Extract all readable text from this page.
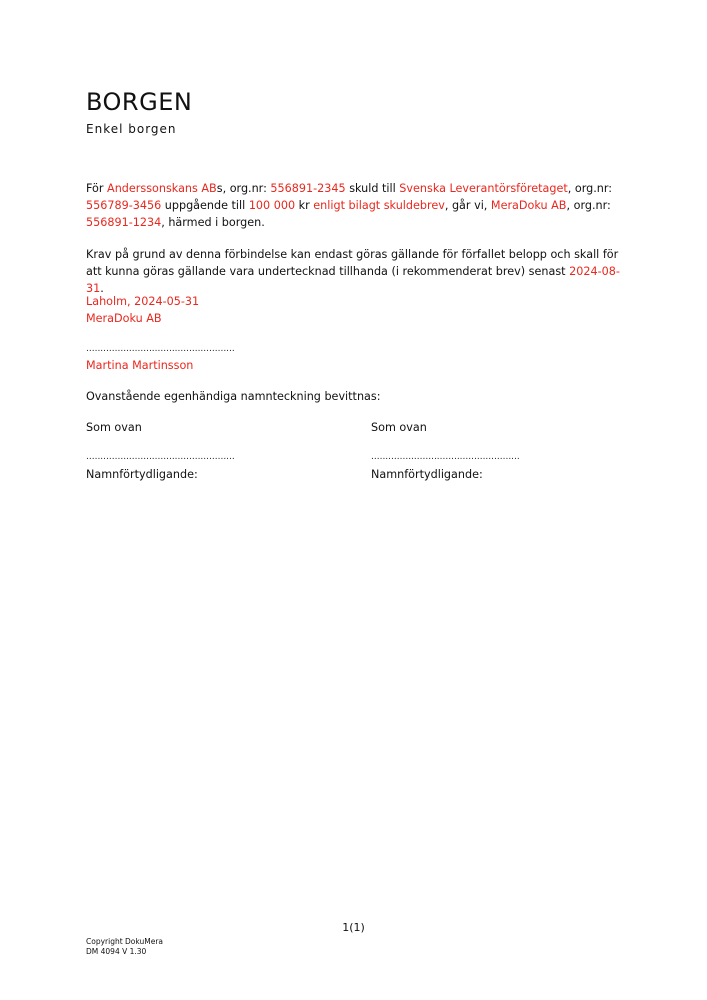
BORGEN
Enkel borgen
För Anderssonskans ABs, org.nr: 556891-2345 skuld till Svenska Leverantörsföretaget, org.nr: 556789-3456 uppgående till 100 000 kr enligt bilagt skuldebrev, går vi, MeraDoku AB, org.nr: 556891-1234, härmed i borgen.
Krav på grund av denna förbindelse kan endast göras gällande för förfallet belopp och skall för att kunna göras gällande vara undertecknad tillhanda (i rekommenderat brev) senast 2024-08-31.
Laholm, 2024-05-31
MeraDoku AB
....................................................
Martina Martinsson
Ovanstående egenhändiga namnteckning bevittnas:
Som ovan	Som ovan
....................................................	....................................................
Namnförtydligande:	Namnförtydligande:
1(1)
Copyright DokuMera
DM 4094 V 1.30
